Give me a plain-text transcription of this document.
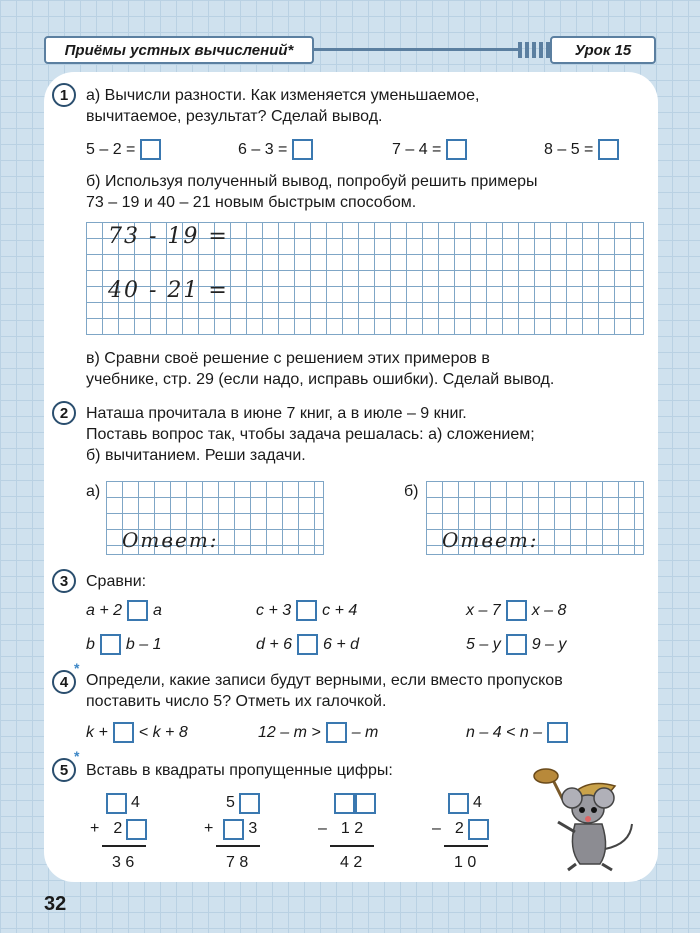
Приёмы устных вычислений*	Урок 15
1	а) Вычисли разности. Как изменяется уменьшаемое,
вычитаемое, результат? Сделай вывод.
5 – 2 =	6 – 3 =	7 – 4 =	8 – 5 =
б) Используя полученный вывод, попробуй решить примеры
73 – 19 и 40 – 21 новым быстрым способом.
73 - 19 =
40 - 21 =
в) Сравни своё решение с решением этих примеров в
учебнике, стр. 29 (если надо, исправь ошибки). Сделай вывод.
2	Наташа прочитала в июне 7 книг, а в июле – 9 книг.
Поставь вопрос так, чтобы задача решалась: а) сложением;
б) вычитанием. Реши задачи.
а)
Ответ:
б)
Ответ:
3	Сравни:
a + 2 a	c + 3 c + 4	x – 7 x – 8
b b – 1	d + 6 6 + d	5 – y 9 – y
4
*
Определи, какие записи будут верными, если вместо пропусков
поставить число 5? Отметь их галочкой.
k + < k + 8	12 – m > – m	n – 4 < n –
5
*
Вставь в квадраты пропущенные цифры:
4
+ 2
3 6
5
+ 3
7 8
– 1 2
4 2
4
– 2
1 0
32
